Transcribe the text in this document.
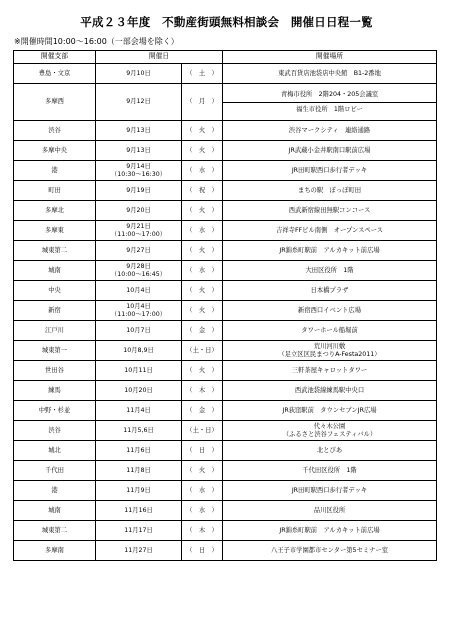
平成２３年度　不動産街頭無料相談会　開催日日程一覧
※開催時間10:00～16:00（一部会場を除く）
開催支部	開催日		開催場所
豊島・文京	9月10日	（　土　）	東武百貨店池袋店中央館　B1-2番地

多摩西	9月12日	（　月　）	青梅市役所　2階204・205会議室
福生市役所　1階ロビー

渋谷	9月13日	（　火　）	渋谷マークシティ　連絡通路

多摩中央	9月13日	（　火　）	JR武蔵小金井駅南口駅前広場

港	9月14日
（10:30～16:30）	（　水　）	JR田町駅西口歩行者デッキ

町田	9月19日	（　祝　）	まちの駅　ぽっぽ町田

多摩北	9月20日	（　火　）	西武新宿線田無駅コンコース

多摩東	9月21日
（11:00～17:00）	（　水　）	吉祥寺FFビル南側　オープンスペース

城東第二	9月27日	（　火　）	JR錦糸町駅前　アルカキット前広場

城南	9月28日
（10:00～16:45）	（　水　）	大田区役所　1階

中央	10月4日	（　火　）	日本橋プラザ

新宿	10月4日
（11:00～17:00）	（　火　）	新宿西口イベント広場

江戸川	10月7日	（　金　）	タワーホール船堀前

城東第一	10月8,9日	（土・日）	荒川河川敷
（足立区区民まつりA-Festa2011）

世田谷	10月11日	（　火　）	三軒茶屋キャロットタワー

練馬	10月20日	（　木　）	西武池袋線練馬駅中央口

中野・杉並	11月4日	（　金　）	JR荻窪駅前　タウンセブンJR広場

渋谷	11月5,6日	（土・日）	代々木公園
（ふるさと渋谷フェスティバル）

城北	11月6日	（　日　）	北とぴあ

千代田	11月8日	（　火　）	千代田区役所　1階

港	11月9日	（　水　）	JR田町駅西口歩行者デッキ

城南	11月16日	（　水　）	品川区役所

城東第二	11月17日	（　木　）	JR錦糸町駅前　アルカキット前広場

多摩南	11月27日	（　日　）	八王子市学園都市センター第5セミナー室
